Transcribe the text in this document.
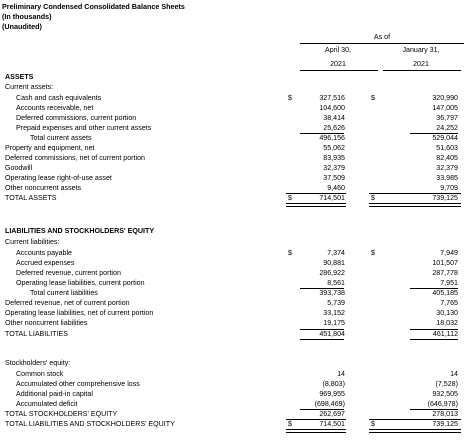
Preliminary Condensed Consolidated Balance Sheets
(In thousands)
(Unaudited)
As of
April 30,
2021
January 31,
2021
ASSETS
Current assets:
LIABILITIES AND STOCKHOLDERS' EQUITY
Current liabilities:
Stockholders' equity:
Cash and cash equivalents	$	327,516	$	320,990
Accounts receivable, net	104,600	147,005
Deferred commissions, current portion	38,414	36,797
Prepaid expenses and other current assets	25,626	24,252
Total current assets	496,156	529,044
Property and equipment, net	55,062	51,603
Deferred commissions, net of current portion	83,935	82,405
Goodwill	32,379	32,379
Operating lease right-of-use asset	37,509	33,985
Other noncurrent assets	9,460	9,709
TOTAL ASSETS	$	714,501	$	739,125
Accounts payable	$	7,374	$	7,949
Accrued expenses	90,881	101,507
Deferred revenue, current portion	286,922	287,778
Operating lease liabilities, current portion	8,561	7,951
Total current liabilities	393,738	405,185
Deferred revenue, net of current portion	5,739	7,765
Operating lease liabilities, net of current portion	33,152	30,130
Other noncurrent liabilities	19,175	18,032
TOTAL LIABILITIES	451,804	461,112
Common stock	14	14
Accumulated other comprehensive loss	(8,803)	(7,528)
Additional paid-in capital	969,955	932,505
Accumulated deficit	(698,469)	(646,978)
TOTAL STOCKHOLDERS' EQUITY	262,697	278,013
TOTAL LIABILITIES AND STOCKHOLDERS' EQUITY	$	714,501	$	739,125
